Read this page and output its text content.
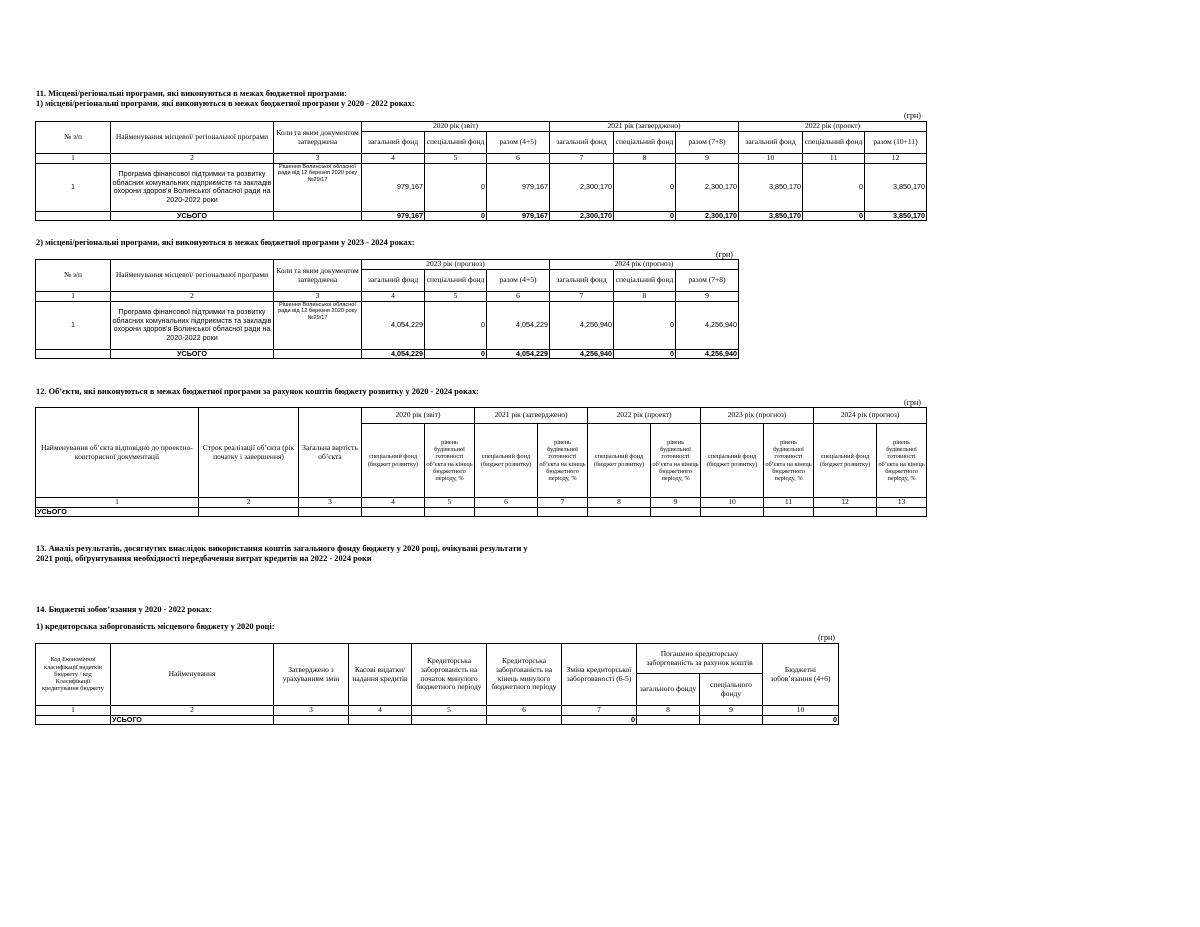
11. Місцеві/регіональні програми, які виконуються в межах бюджетної програми:
1) місцеві/регіональні програми, які виконуються в межах бюджетної програми у 2020 - 2022 роках:
(грн)
№ з/п	Найменування місцевої/ регіональної програми	Коли та яким документом затверджена	2020 рік (звіт)			2021 рік (затверджено)			2022 рік (проект)		
			загальний фонд	спеціальний фонд	разом (4+5)	загальний фонд	спеціальний фонд	разом (7+8)	загальний фонд	спеціальний фонд	разом (10+11)
1	2	3	4	5	6	7	8	9	10	11	12
1	Програма фінансової підтримки та розвитку обласних комунальних підприємств та закладів охорони здоров'я Волинської обласної ради на 2020-2022 роки	Рішення Волинської обласної ради від 12 березня 2020 року №29/17	979,167	0	979,167	2,300,170	0	2,300,170	3,850,170	0	3,850,170
	УСЬОГО		979,167	0	979,167	2,300,170	0	2,300,170	3,850,170	0	3,850,170
2) місцеві/регіональні програми, які виконуються в межах бюджетної програми у 2023 - 2024 роках:
(грн)
№ з/п	Найменування місцевої/ регіональної програми	Коли та яким документом затверджена	2023 рік (прогноз)			2024 рік (прогноз)		
			загальний фонд	спеціальний фонд	разом (4+5)	загальний фонд	спеціальний фонд	разом (7+8)
1	2	3	4	5	6	7	8	9
1	Програма фінансової підтримки та розвитку обласних комунальних підприємств та закладів охорони здоров'я Волинської обласної ради на 2020-2022 роки	Рішення Волинської обласної ради від 12 березня 2020 року №29/17	4,054,229	0	4,054,229	4,256,940	0	4,256,940
	УСЬОГО		4,054,229	0	4,054,229	4,256,940	0	4,256,940
12. Об’єкти, які виконуються в межах бюджетної програми за рахунок коштів бюджету розвитку у 2020 - 2024 роках:
(грн)
Найменування об’єкта відповідно до проектно-кошторисної документації	Строк реалізації об’єкта (рік початку і завершення)	Загальна вартість об’єкта	2020 рік (звіт)		2021 рік (затверджено)		2022 рік (проект)		2023 рік (прогноз)		2024 рік (прогноз)	
			спеціальний фонд (бюджет розвитку)	рівень будівельної готовності об’єкта на кінець бюджетного періоду, %	спеціальний фонд (бюджет розвитку)	рівень будівельної готовності об’єкта на кінець бюджетного періоду, %	спеціальний фонд (бюджет розвитку)	рівень будівельної готовності об’єкта на кінець бюджетного періоду, %	спеціальний фонд (бюджет розвитку)	рівень будівельної готовності об’єкта на кінець бюджетного періоду, %	спеціальний фонд (бюджет розвитку)	рівень будівельної готовності об’єкта на кінець бюджетного періоду, %
1	2	3	4	5	6	7	8	9	10	11	12	13
УСЬОГО												
13. Аналіз результатів, досягнутих внаслідок використання коштів загального фонду бюджету у 2020 році, очікувані результати у
2021 році, обґрунтування необхідності передбачення витрат кредитів на 2022 - 2024 роки
14. Бюджетні зобов’язання у 2020 - 2022 роках:
1) кредиторська заборгованість місцевого бюджету у 2020 році:
(грн)
Код Економічної класифікації видатків бюджету / код Класифікації кредитування бюджету	Найменування	Затверджено з урахуванням змін	Касові видатки/ надання кредитів	Кредиторська заборгованість на початок минулого бюджетного періоду	Кредиторська заборгованість на кінець минулого бюджетного періоду	Зміна кредиторської заборгованості (6-5)	Погашено кредиторську заборгованість за рахунок коштів		Бюджетні зобов’язання (4+6)
							загального фонду	спеціального фонду	
1	2	3	4	5	6	7	8	9	10
	УСЬОГО					0			0
